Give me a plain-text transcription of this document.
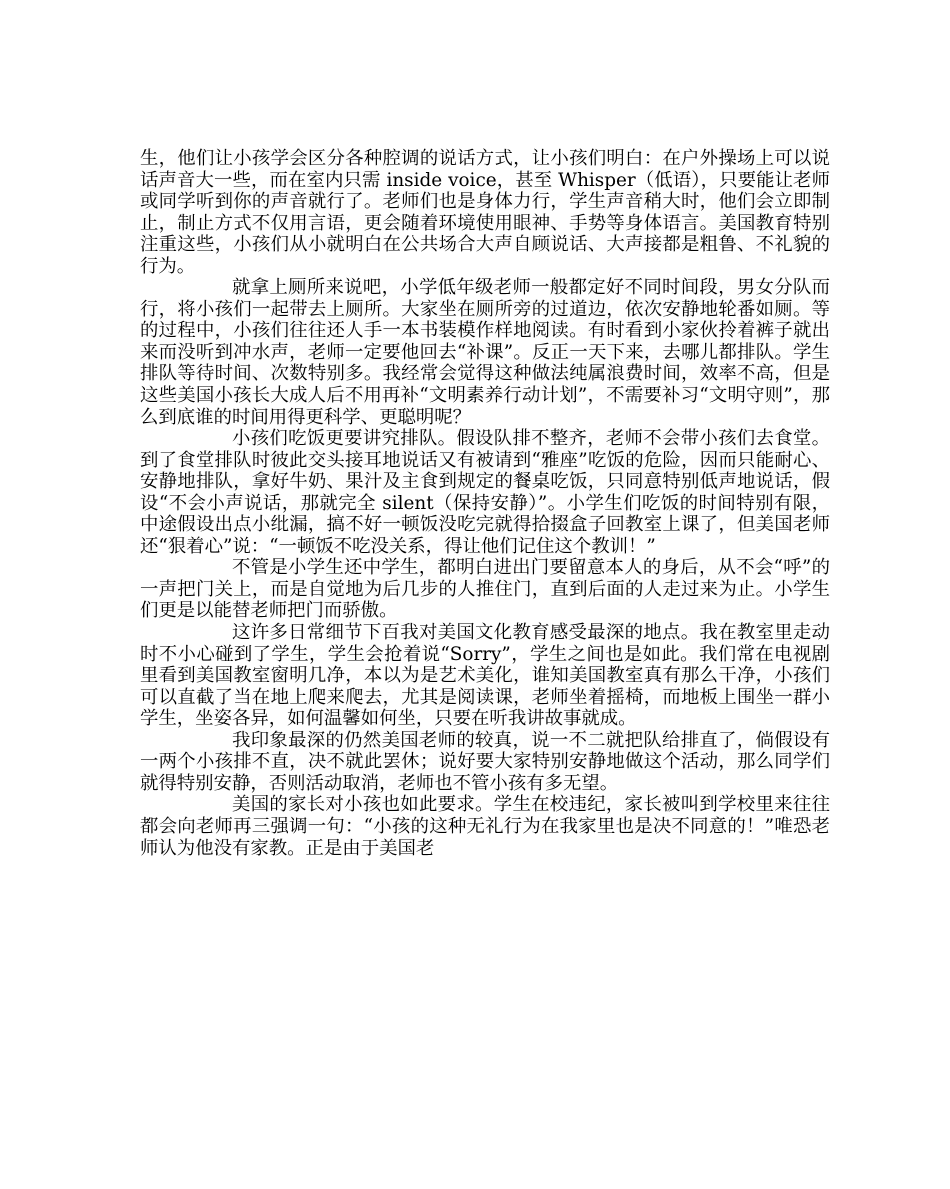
生，他们让小孩学会区分各种腔调的说话方式，让小孩们明白：在户外操场上可以说话声音大一些，而在室内只需 inside voice，甚至 Whisper（低语），只要能让老师或同学听到你的声音就行了。老师们也是身体力行，学生声音稍大时，他们会立即制止，制止方式不仅用言语，更会随着环境使用眼神、手势等身体语言。美国教育特别注重这些，小孩们从小就明白在公共场合大声自顾说话、大声接都是粗鲁、不礼貌的行为。

就拿上厕所来说吧，小学低年级老师一般都定好不同时间段，男女分队而行，将小孩们一起带去上厕所。大家坐在厕所旁的过道边，依次安静地轮番如厕。等的过程中，小孩们往往还人手一本书装模作样地阅读。有时看到小家伙拎着裤子就出来而没听到冲水声，老师一定要他回去“补课”。反正一天下来，去哪儿都排队。学生排队等待时间、次数特别多。我经常会觉得这种做法纯属浪费时间，效率不高，但是这些美国小孩长大成人后不用再补“文明素养行动计划”，不需要补习“文明守则”，那么到底谁的时间用得更科学、更聪明呢？

小孩们吃饭更要讲究排队。假设队排不整齐，老师不会带小孩们去食堂。到了食堂排队时彼此交头接耳地说话又有被请到“雅座”吃饭的危险，因而只能耐心、安静地排队，拿好牛奶、果汁及主食到规定的餐桌吃饭，只同意特别低声地说话，假设“不会小声说话，那就完全 silent（保持安静）”。小学生们吃饭的时间特别有限，中途假设出点小纰漏，搞不好一顿饭没吃完就得拾掇盒子回教室上课了，但美国老师还“狠着心”说：“一顿饭不吃没关系，得让他们记住这个教训！”

不管是小学生还中学生，都明白进出门要留意本人的身后，从不会“呼”的一声把门关上，而是自觉地为后几步的人推住门，直到后面的人走过来为止。小学生们更是以能替老师把门而骄傲。

这许多日常细节下百我对美国文化教育感受最深的地点。我在教室里走动时不小心碰到了学生，学生会抢着说“Sorry”，学生之间也是如此。我们常在电视剧里看到美国教室窗明几净，本以为是艺术美化，谁知美国教室真有那么干净，小孩们可以直截了当在地上爬来爬去，尤其是阅读课，老师坐着摇椅，而地板上围坐一群小学生，坐姿各异，如何温馨如何坐，只要在听我讲故事就成。

我印象最深的仍然美国老师的较真，说一不二就把队给排直了，倘假设有一两个小孩排不直，决不就此罢休；说好要大家特别安静地做这个活动，那么同学们就得特别安静，否则活动取消，老师也不管小孩有多无望。

美国的家长对小孩也如此要求。学生在校违纪，家长被叫到学校里来往往都会向老师再三强调一句：“小孩的这种无礼行为在我家里也是决不同意的！”唯恐老师认为他没有家教。正是由于美国老
